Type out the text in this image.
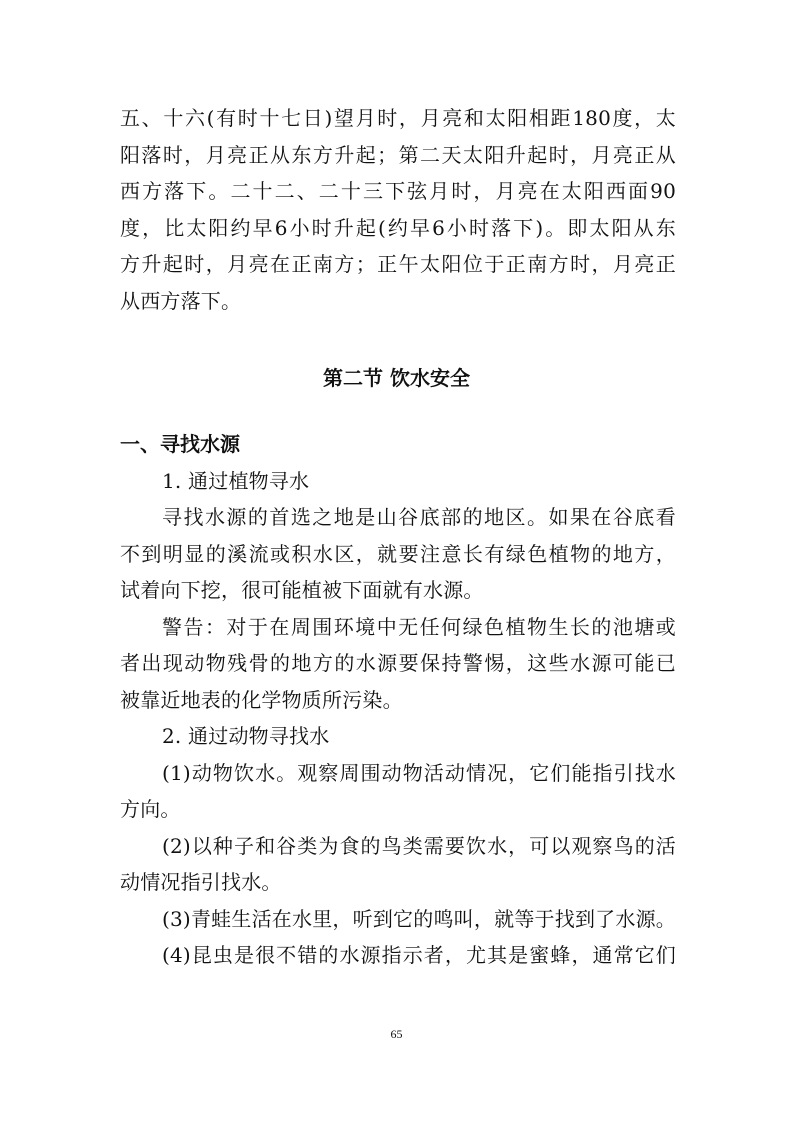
五、十六(有时十七日)望月时，月亮和太阳相距180度，太
阳落时，月亮正从东方升起；第二天太阳升起时，月亮正从
西方落下。二十二、二十三下弦月时，月亮在太阳西面90
度，比太阳约早6小时升起(约早6小时落下)。即太阳从东
方升起时，月亮在正南方；正午太阳位于正南方时，月亮正
从西方落下。
第二节 饮水安全
一、寻找水源
1. 通过植物寻水
寻找水源的首选之地是山谷底部的地区。如果在谷底看
不到明显的溪流或积水区，就要注意长有绿色植物的地方，
试着向下挖，很可能植被下面就有水源。
警告：对于在周围环境中无任何绿色植物生长的池塘或
者出现动物残骨的地方的水源要保持警惕，这些水源可能已
被靠近地表的化学物质所污染。
2. 通过动物寻找水
(1)动物饮水。观察周围动物活动情况，它们能指引找水
方向。
(2)以种子和谷类为食的鸟类需要饮水，可以观察鸟的活
动情况指引找水。
(3)青蛙生活在水里，听到它的鸣叫，就等于找到了水源。
(4)昆虫是很不错的水源指示者，尤其是蜜蜂，通常它们
65
